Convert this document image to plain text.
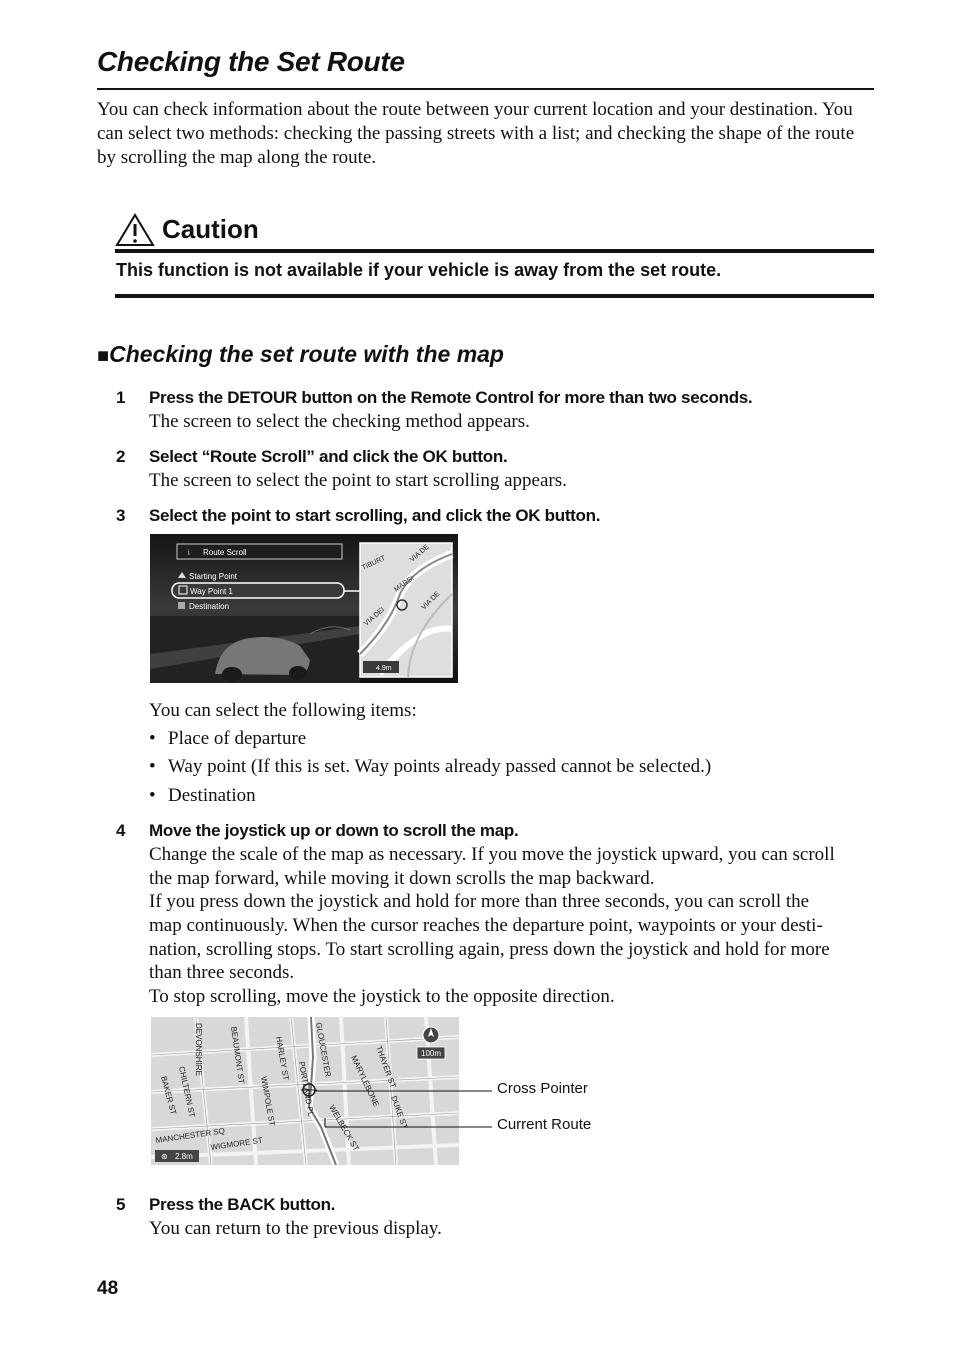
Checking the Set Route
You can check information about the route between your current location and your destination. You can select two methods: checking the passing streets with a list; and checking the shape of the route by scrolling the map along the route.
Caution
This function is not available if your vehicle is away from the set route.
■Checking the set route with the map
1 Press the DETOUR button on the Remote Control for more than two seconds.
The screen to select the checking method appears.
2 Select “Route Scroll” and click the OK button.
The screen to select the point to start scrolling appears.
3 Select the point to start scrolling, and click the OK button.
i Route Scroll
Starting Point
Way Point 1
Destination
TIBURT	VIA DE
MARSI
VIA DEI
VIA DE
4.9m
You can select the following items:
• Place of departure
• Way point (If this is set. Way points already passed cannot be selected.)
• Destination
4 Move the joystick up or down to scroll the map.
Change the scale of the map as necessary. If you move the joystick upward, you can scroll
the map forward, while moving it down scrolls the map backward.
If you press down the joystick and hold for more than three seconds, you can scroll the
map continuously. When the cursor reaches the departure point, waypoints or your desti-
nation, scrolling stops. To start scrolling again, press down the joystick and hold for more
than three seconds.
To stop scrolling, move the joystick to the opposite direction.
DEVONSHIRE	GLOUCESTER
WIMPOLE ST
BEAUMONT ST	HARLEY ST
PORTLAND PL
MANCHESTER SQ
WIGMORE ST
BAKER ST
THAYER ST
WELBECK ST
MARYLEBONE
CHILTERN ST	DUKE ST
100m
2.8m
⊛
Cross Pointer
Current Route
5 Press the BACK button.
You can return to the previous display.
48
